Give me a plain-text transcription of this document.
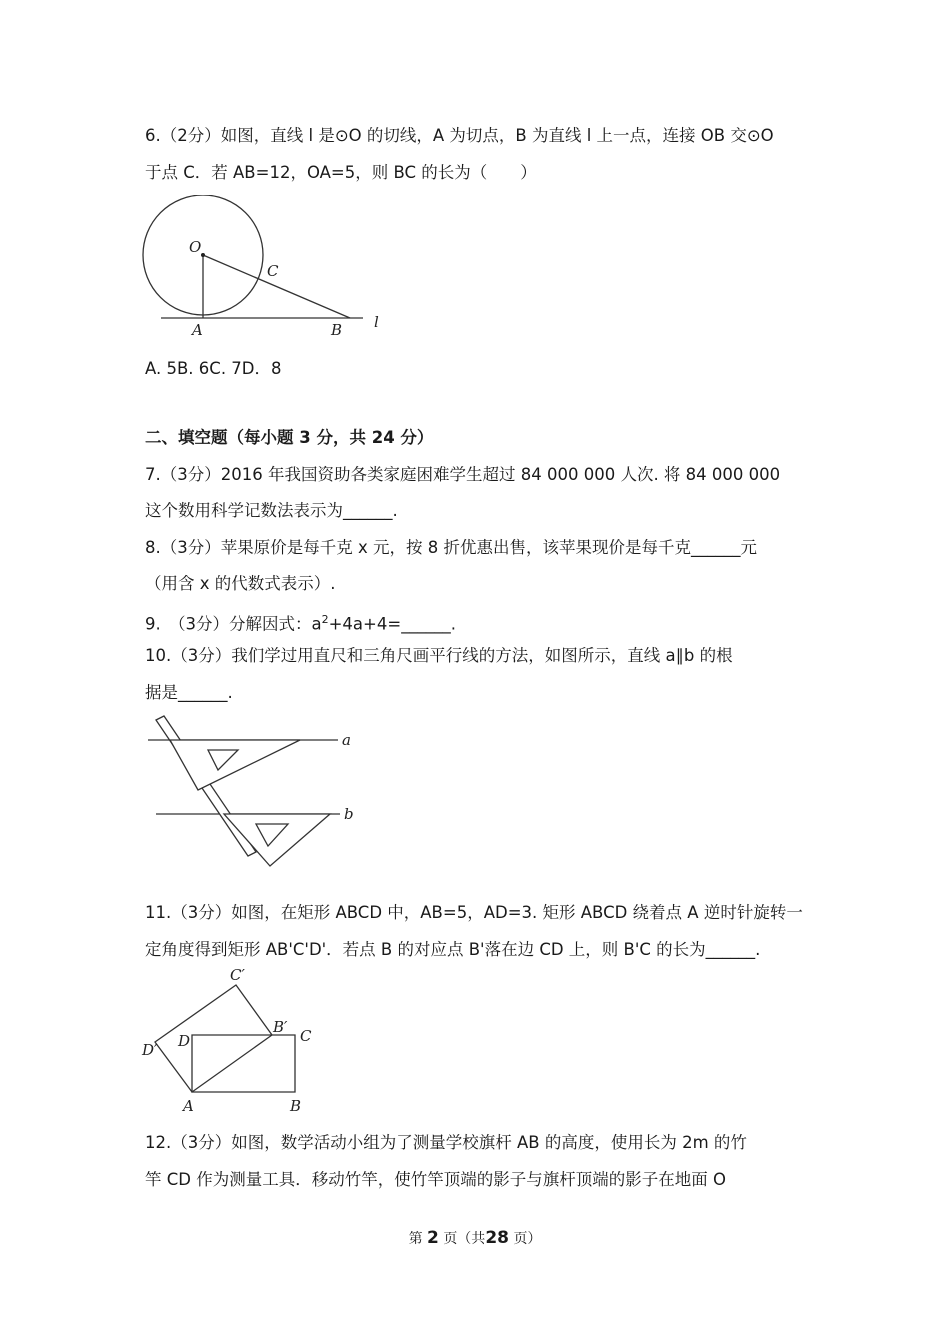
6.（2分）如图，直线 l 是⊙O 的切线，A 为切点，B 为直线 l 上一点，连接 OB 交⊙O
于点 C．若 AB=12，OA=5，则 BC 的长为（　　）
O
A	B
C
l
A. 5B. 6C. 7D．8
二、填空题（每小题 3 分，共 24 分）
7.（3分）2016 年我国资助各类家庭困难学生超过 84 000 000 人次. 将 84 000 000
这个数用科学记数法表示为______.
8.（3分）苹果原价是每千克 x 元，按 8 折优惠出售，该苹果现价是每千克______元
（用含 x 的代数式表示）.
9.　（3分）分解因式：$a^2+4a+4=\_\_\_\_\_\_$.
10.（3分）我们学过用直尺和三角尺画平行线的方法，如图所示，直线 a∥b 的根
据是______.
a
b
11.（3分）如图，在矩形 ABCD 中，AB=5，AD=3. 矩形 ABCD 绕着点 A 逆时针旋转一
定角度得到矩形 AB'C'D'．若点 B 的对应点 B'落在边 CD 上，则 B'C 的长为______.
A	B
C
D
B′
C′
D′
12.（3分）如图，数学活动小组为了测量学校旗杆 AB 的高度，使用长为 2m 的竹
竿 CD 作为测量工具．移动竹竿，使竹竿顶端的影子与旗杆顶端的影子在地面 O
第 2 页（共28 页）
